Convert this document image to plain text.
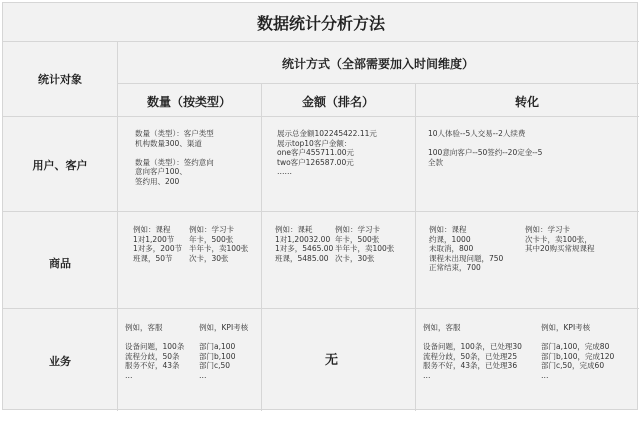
数据统计分析方法
统计对象
统计方式（全部需要加入时间维度）
数量（按类型）	金额（排名）	转化
用户、客户
数量（类型）：客户类型
机构数量300、渠道

数量（类型）：签约意向
意向客户100、
签约用、200
展示总金额102245422.11元
展示top10客户金额：
one客户455711.00元
two客户126587.00元
……
10人体验--5人交易--2人续费

100意向客户--50签约--20定金--5
全款
商品
例如：课程
1对1,200节
1对多，200节
班课，50节
例如：学习卡
年卡，500张
半年卡，卖100张
次卡，30张
例如：课耗
1对1,20032.00
1对多，5465.00
班课，5485.00
例如：学习卡
年卡，500张
半年卡，卖100张
次卡，30张
例如：课程
约课，1000
未取消，800
课程未出现问题，750
正常结束，700
例如：学习卡
次卡卡，卖100张，
其中20购买常规课程
业务
例如，客服

设备问题，100条
流程分歧，50条
服务不好，43条
…
例如，KPI考核

部门a,100
部门b,100
部门c,50
…
无
例如，客服

设备问题，100条，已处理30
流程分歧，50条，已处理25
服务不好，43条，已处理36
…
例如，KPI考核

部门a,100，完成80
部门b,100，完成120
部门c,50，完成60
…
